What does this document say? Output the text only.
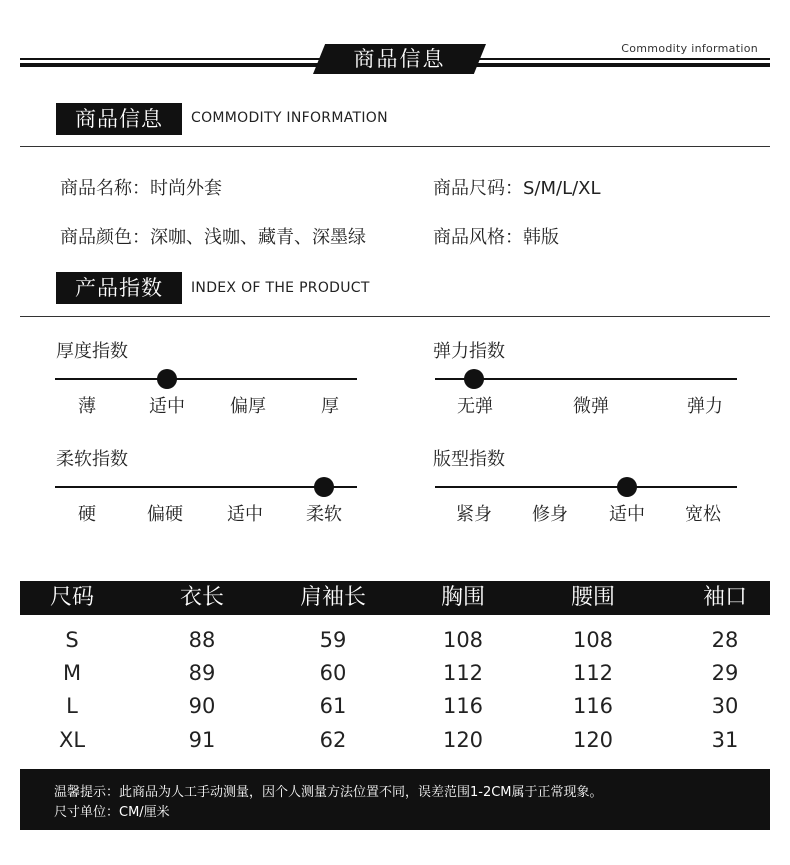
商品信息	Commodity information
商品信息	COMMODITY INFORMATION
商品名称：时尚外套	商品尺码：S/M/L/XL
商品颜色：深咖、浅咖、藏青、深墨绿	商品风格：韩版
产品指数	INDEX OF THE PRODUCT
厚度指数
薄	适中	偏厚	厚
弹力指数
无弹	微弹	弹力
柔软指数
硬	偏硬	适中	柔软
版型指数
紧身	修身	适中	宽松
尺码	衣长	肩袖长	胸围	腰围	袖口
S	88	59	108	108	28
M	89	60	112	112	29
L	90	61	116	116	30
XL	91	62	120	120	31
温馨提示：此商品为人工手动测量，因个人测量方法位置不同，误差范围1-2CM属于正常现象。
尺寸单位：CM/厘米
